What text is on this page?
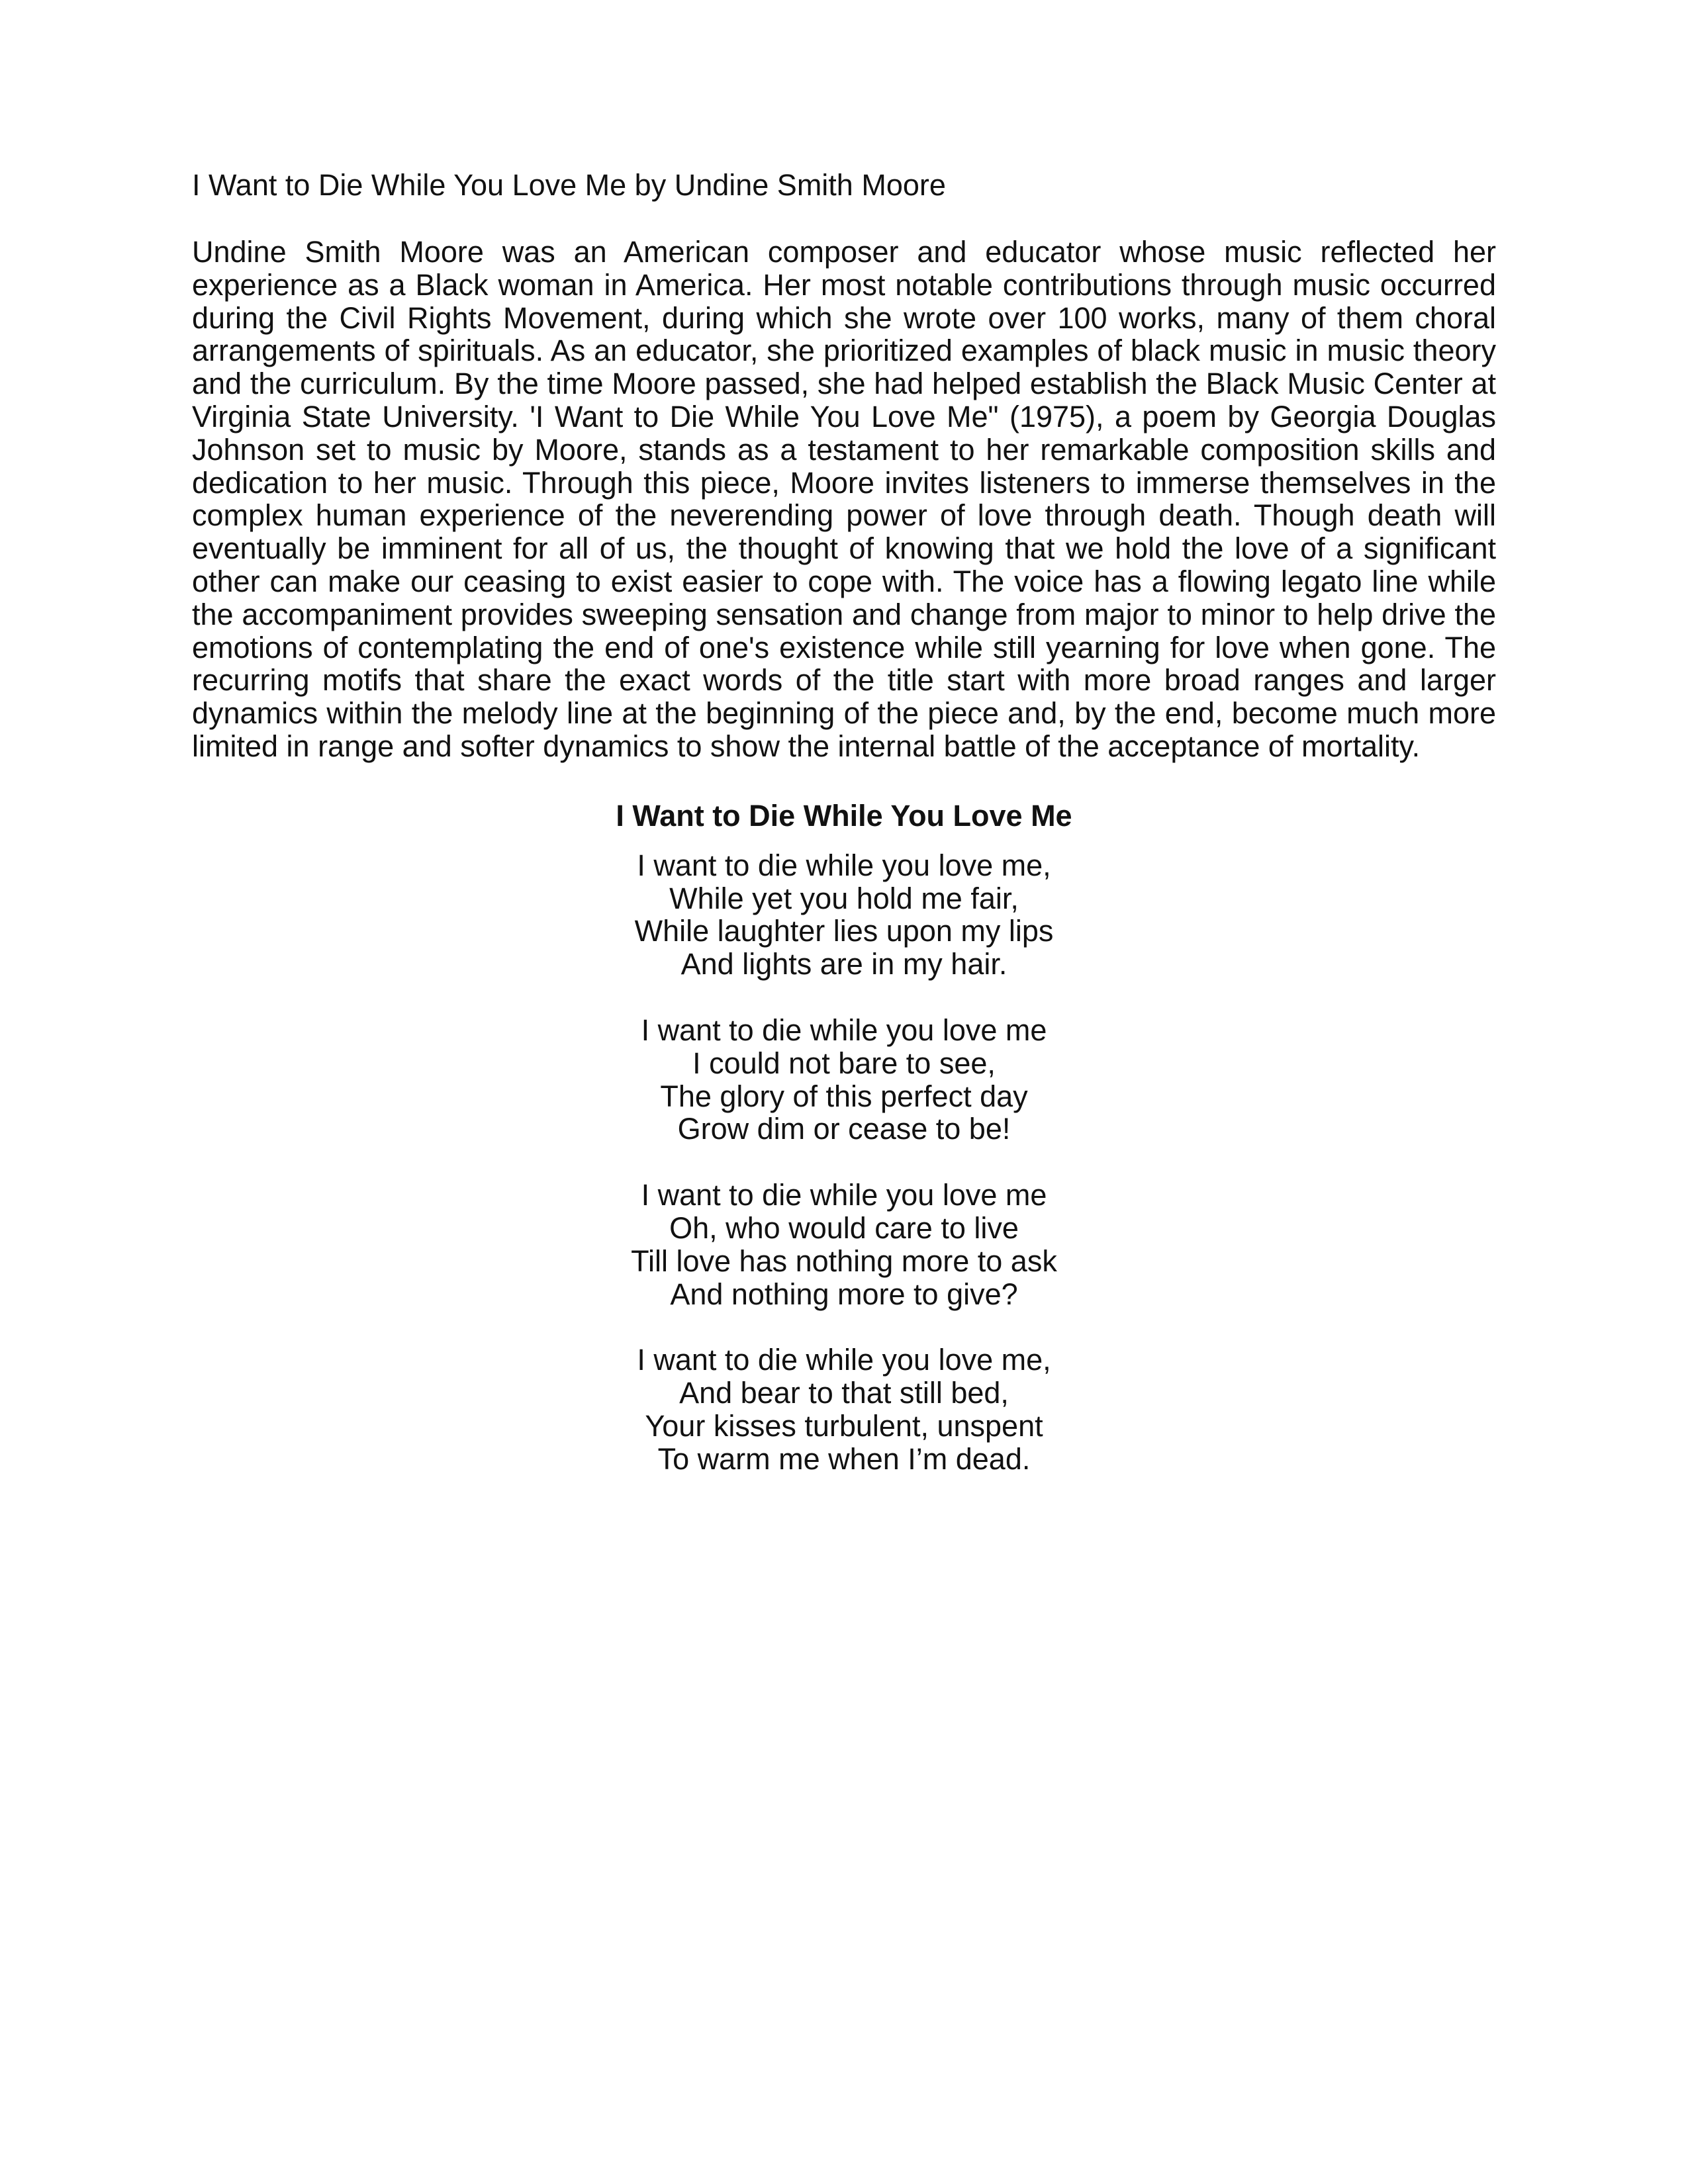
I Want to Die While You Love Me by Undine Smith Moore

Undine Smith Moore was an American composer and educator whose music reflected her experience as a Black woman in America. Her most notable contributions through music occurred during the Civil Rights Movement, during which she wrote over 100 works, many of them choral arrangements of spirituals. As an educator, she prioritized examples of black music in music theory and the curriculum. By the time Moore passed, she had helped establish the Black Music Center at Virginia State University. 'I Want to Die While You Love Me" (1975), a poem by Georgia Douglas Johnson set to music by Moore, stands as a testament to her remarkable composition skills and dedication to her music. Through this piece, Moore invites listeners to immerse themselves in the complex human experience of the neverending power of love through death. Though death will eventually be imminent for all of us, the thought of knowing that we hold the love of a significant other can make our ceasing to exist easier to cope with. The voice has a flowing legato line while the accompaniment provides sweeping sensation and change from major to minor to help drive the emotions of contemplating the end of one's existence while still yearning for love when gone. The recurring motifs that share the exact words of the title start with more broad ranges and larger dynamics within the melody line at the beginning of the piece and, by the end, become much more limited in range and softer dynamics to show the internal battle of the acceptance of mortality.

I Want to Die While You Love Me
I want to die while you love me,
While yet you hold me fair,
While laughter lies upon my lips
And lights are in my hair.
I want to die while you love me
I could not bare to see,
The glory of this perfect day
Grow dim or cease to be!
I want to die while you love me
Oh, who would care to live
Till love has nothing more to ask
And nothing more to give?
I want to die while you love me,
And bear to that still bed,
Your kisses turbulent, unspent
To warm me when I’m dead.
